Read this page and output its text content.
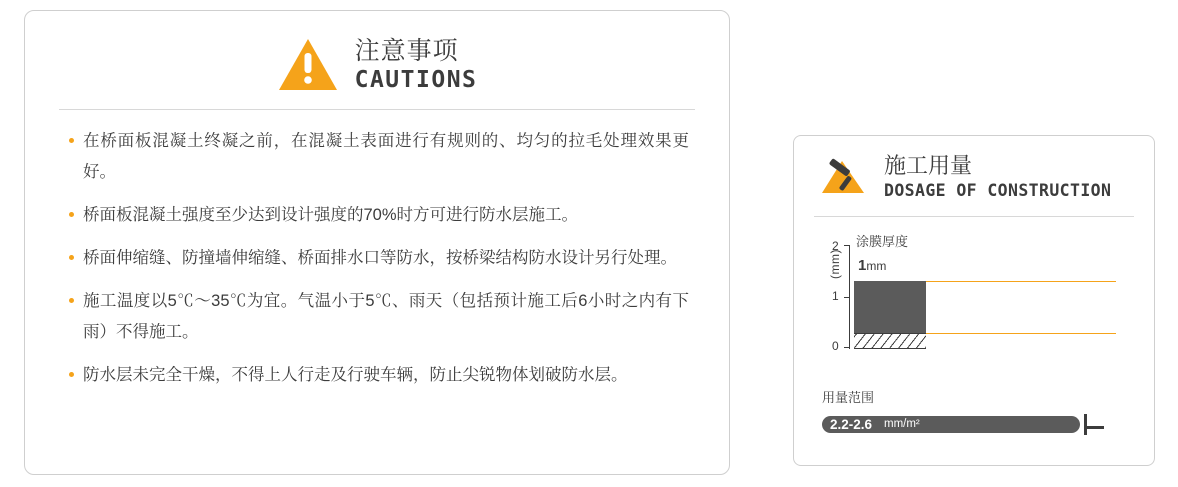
注意事项
CAUTIONS
在桥面板混凝土终凝之前，在混凝土表面进行有规则的、均匀的拉毛处理效果更好。
桥面板混凝土强度至少达到设计强度的70%时方可进行防水层施工。
桥面伸缩缝、防撞墙伸缩缝、桥面排水口等防水，按桥梁结构防水设计另行处理。
施工温度以5℃～35℃为宜。气温小于5℃、雨天（包括预计施工后6小时之内有下雨）不得施工。
防水层未完全干燥，不得上人行走及行驶车辆，防止尖锐物体划破防水层。
施工用量
DOSAGE OF CONSTRUCTION
(mm)
2
1
0
涂膜厚度
1mm
用量范围
2.2-2.6 mm/m²
